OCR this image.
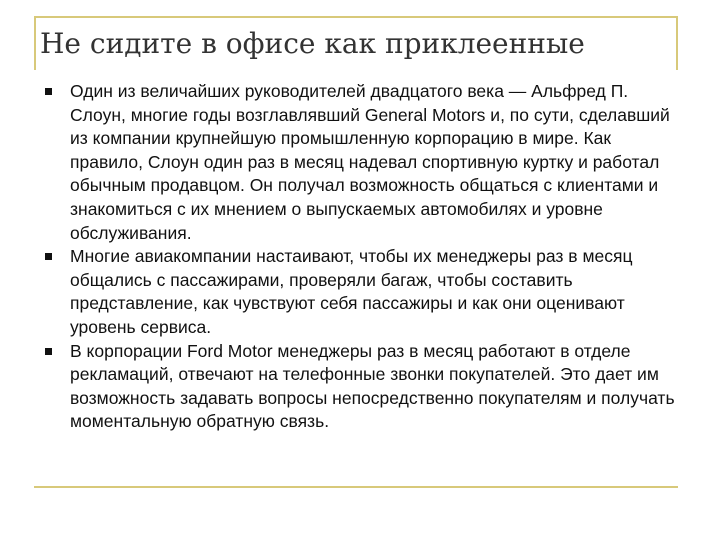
Не сидите в офисе как приклеенные
Один из величайших руководителей двадцатого века — Альфред П. Слоун, многие годы возглавлявший General Motors и, по сути, сделавший из компании крупнейшую промышленную корпорацию в мире. Как правило, Слоун один раз в месяц надевал спортивную куртку и работал обычным продавцом. Он получал возможность общаться с клиентами и знакомиться с их мнением о выпускаемых автомобилях и уровне обслуживания.
Многие авиакомпании настаивают, чтобы их менеджеры раз в месяц общались с пассажирами, проверяли багаж, чтобы составить представление, как чувствуют себя пассажиры и как они оценивают уровень сервиса.
В корпорации Ford Motor менеджеры раз в месяц работают в отделе рекламаций, отвечают на телефонные звонки покупателей. Это дает им возможность задавать вопросы непосредственно покупателям и получать моментальную обратную связь.
